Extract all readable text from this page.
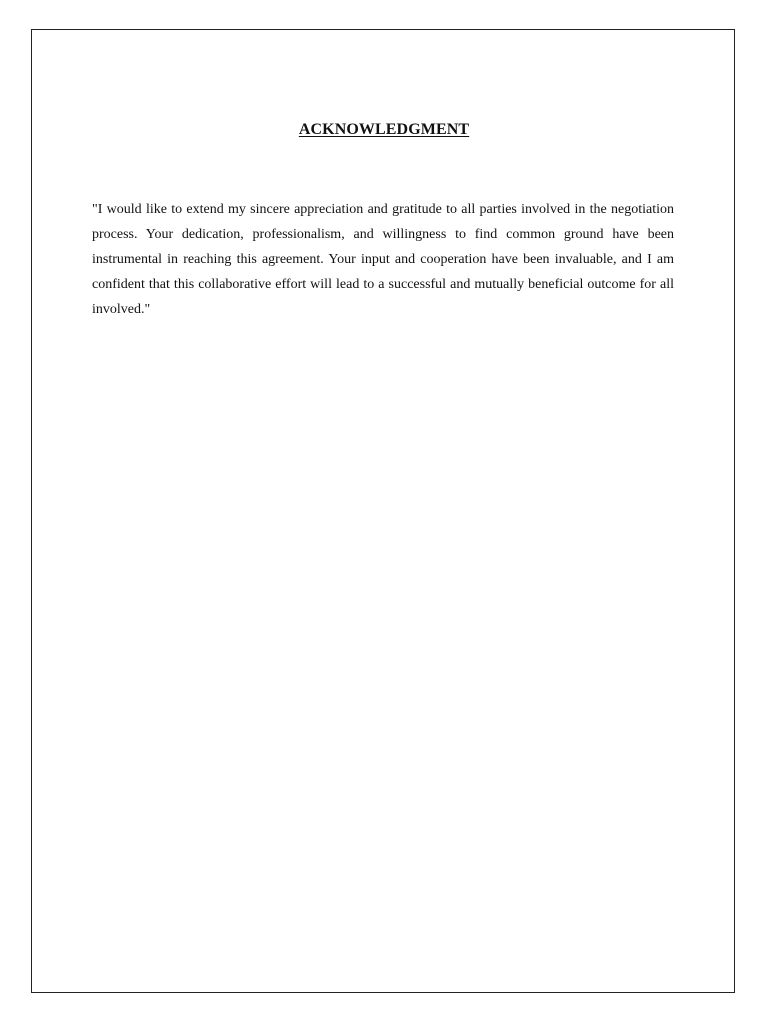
ACKNOWLEDGMENT

"I would like to extend my sincere appreciation and gratitude to all parties involved in the negotiation process. Your dedication, professionalism, and willingness to find common ground have been instrumental in reaching this agreement. Your input and cooperation have been invaluable, and I am confident that this collaborative effort will lead to a successful and mutually beneficial outcome for all involved."
